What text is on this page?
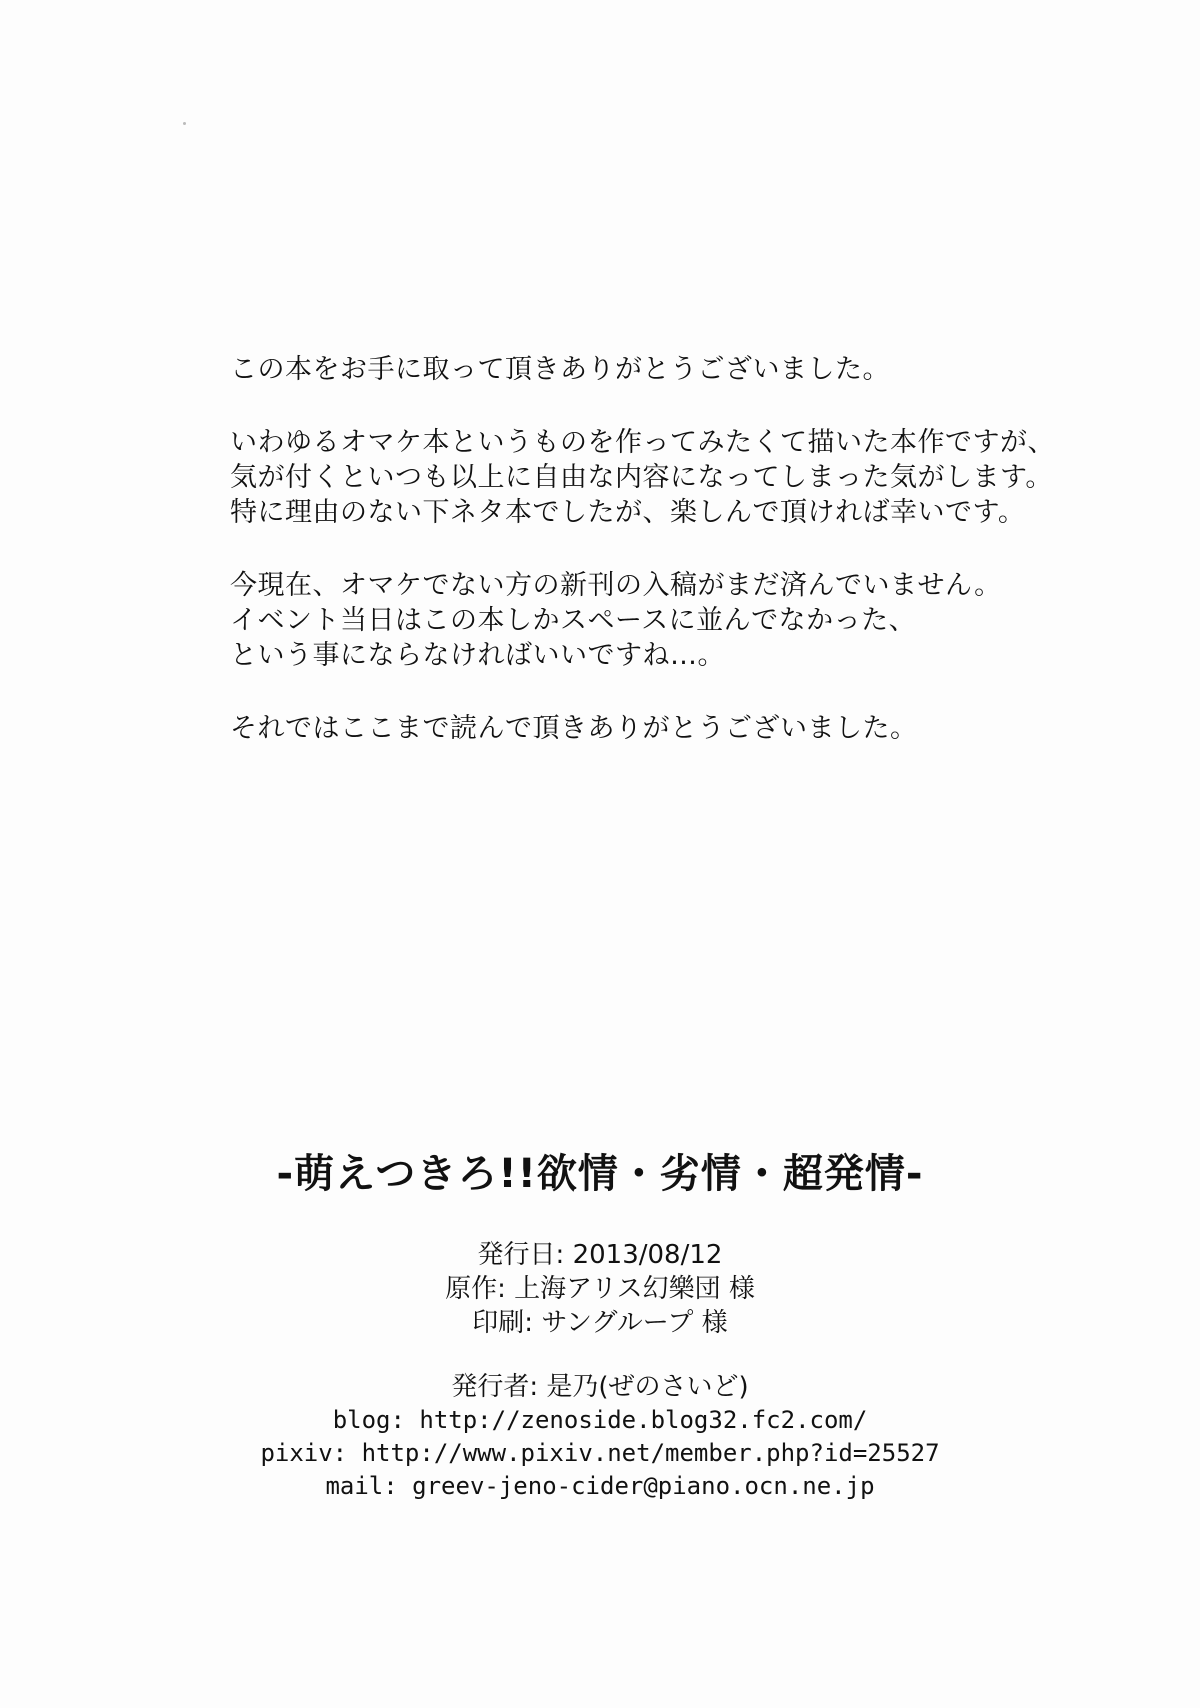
この本をお手に取って頂きありがとうございました。
いわゆるオマケ本というものを作ってみたくて描いた本作ですが、
気が付くといつも以上に自由な内容になってしまった気がします。
特に理由のない下ネタ本でしたが、楽しんで頂ければ幸いです。
今現在、オマケでない方の新刊の入稿がまだ済んでいません。
イベント当日はこの本しかスペースに並んでなかった、
という事にならなければいいですね…。
それではここまで読んで頂きありがとうございました。
-萌えつきろ!!欲情・劣情・超発情-
発行日: 2013/08/12
原作: 上海アリス幻樂団 様
印刷: サングループ 様
発行者: 是乃(ぜのさいど)
blog: http://zenoside.blog32.fc2.com/
pixiv: http://www.pixiv.net/member.php?id=25527
mail: greev-jeno-cider@piano.ocn.ne.jp
